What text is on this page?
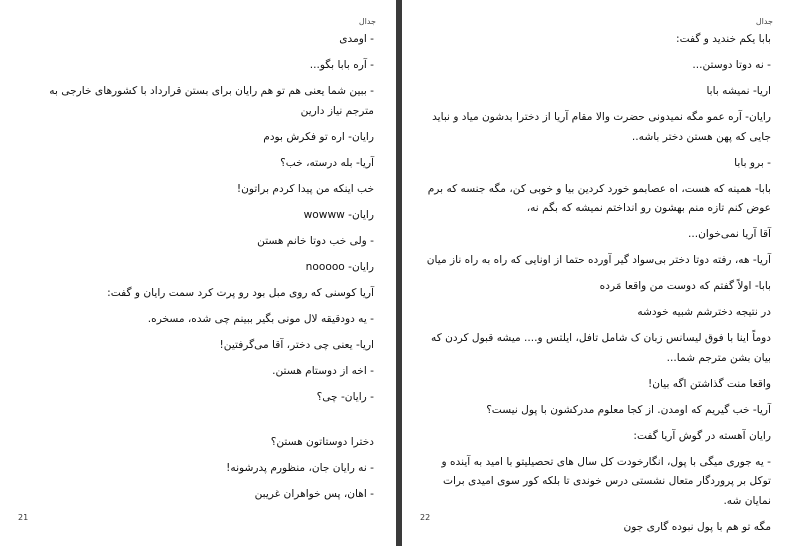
جدال
- اومدی
- آره بابا بگو...
- ببین شما یعنی هم تو هم رایان برای بستن قرارداد با کشورهای خارجی به مترجم نیاز دارین
رایان- اره تو فکرش بودم
آریا- بله درسته، خب؟
خب اینکه من پیدا کردم براتون!
رایان- wowww
- ولی خب دوتا خانم هستن
رایان- nooooo
آریا کوسنی که روی مبل بود رو پرت کرد سمت رایان و گفت:
- یه دودقیقه لال مونی بگیر ببینم چی شده، مسخره.
اریا- یعنی چی دختر، آقا می‌گرفتین!
- اخه از دوستام هستن.
- رایان- چی؟
دخترا دوستاتون هستن؟
- نه رایان جان، منظورم پدرشونه!
- اهان، پس خواهران غریبن
21
جدال
بابا یکم خندید و گفت:
- نه دوتا دوستن...
اریا- نمیشه بابا
رایان- آره عمو مگه نمیدونی حضرت والا مقام آریا از دخترا بدشون میاد و نباید جایی که پهن هستن دختر باشه..
- برو بابا
بابا- همینه که هست، اه عصابمو خورد کردین بیا و خوبی کن، مگه جنسه که برم عوض کنم تازه منم بهشون رو انداختم نمیشه که بگم نه،
آقا آریا نمی‌خوان...
آریا- هه، رفته دوتا دختر بی‌سواد گیر آورده حتما از اونایی که راه به راه ناز میان
بابا- اولاً گفتم که دوست من واقعا مَرده
در نتیجه دخترشم شبیه خودشه
دوماً اینا با فوق لیسانس زبان ک شامل تافل، ایلتس و.... میشه قبول کردن که بیان بشن مترجم شما...
واقعا منت گذاشتن اگه بیان!
آریا- خب گیریم که اومدن. از کجا معلوم مدرکشون با پول نیست؟
رایان آهسته در گوش آریا گفت:
- یه جوری میگی با پول، انگارخودت کل سال های تحصیلیتو با امید به آینده و توکل بر پروردگار متعال نشستی درس خوندی تا بلکه کور سوی امیدی برات نمایان شه.
مگه تو هم با پول نبوده گاری جون
22
